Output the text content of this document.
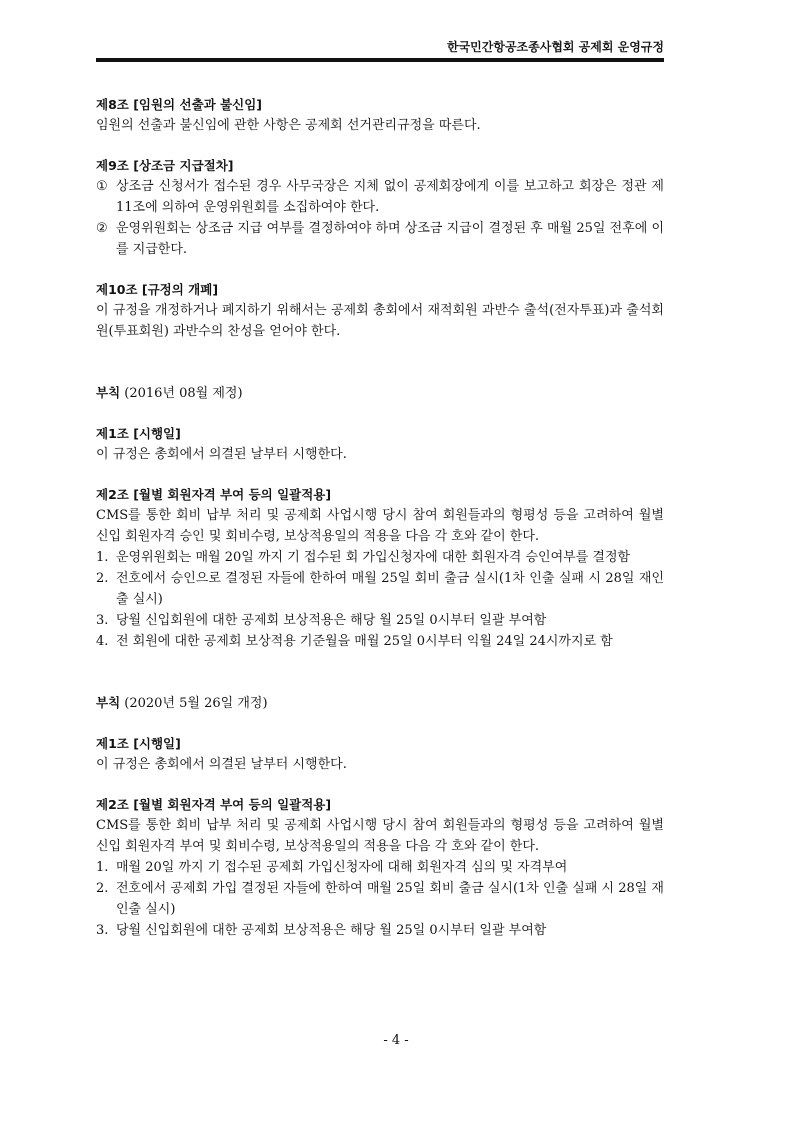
한국민간항공조종사협회 공제회 운영규정
제8조 [임원의 선출과 불신임]
임원의 선출과 불신임에 관한 사항은 공제회 선거관리규정을 따른다.
제9조 [상조금 지급절차]
① 상조금 신청서가 접수된 경우 사무국장은 지체 없이 공제회장에게 이를 보고하고 회장은 정관 제11조에 의하여 운영위원회를 소집하여야 한다.
② 운영위원회는 상조금 지급 여부를 결정하여야 하며 상조금 지급이 결정된 후 매월 25일 전후에 이를 지급한다.
제10조 [규정의 개폐]
이 규정을 개정하거나 폐지하기 위해서는 공제회 총회에서 재적회원 과반수 출석(전자투표)과 출석회원(투표회원) 과반수의 찬성을 얻어야 한다.
부칙 (2016년 08월 제정)
제1조 [시행일]
이 규정은 총회에서 의결된 날부터 시행한다.
제2조 [월별 회원자격 부여 등의 일괄적용]
CMS를 통한 회비 납부 처리 및 공제회 사업시행 당시 참여 회원들과의 형평성 등을 고려하여 월별 신입 회원자격 승인 및 회비수령, 보상적용일의 적용을 다음 각 호와 같이 한다.
1. 운영위원회는 매월 20일 까지 기 접수된 회 가입신청자에 대한 회원자격 승인여부를 결정함
2. 전호에서 승인으로 결정된 자들에 한하여 매월 25일 회비 출금 실시(1차 인출 실패 시 28일 재인출 실시)
3. 당월 신입회원에 대한 공제회 보상적용은 해당 월 25일 0시부터 일괄 부여함
4. 전 회원에 대한 공제회 보상적용 기준월을 매월 25일 0시부터 익월 24일 24시까지로 함
부칙 (2020년 5월 26일 개정)
제1조 [시행일]
이 규정은 총회에서 의결된 날부터 시행한다.
제2조 [월별 회원자격 부여 등의 일괄적용]
CMS를 통한 회비 납부 처리 및 공제회 사업시행 당시 참여 회원들과의 형평성 등을 고려하여 월별 신입 회원자격 부여 및 회비수령, 보상적용일의 적용을 다음 각 호와 같이 한다.
1. 매월 20일 까지 기 접수된 공제회 가입신청자에 대해 회원자격 심의 및 자격부여
2. 전호에서 공제회 가입 결정된 자들에 한하여 매월 25일 회비 출금 실시(1차 인출 실패 시 28일 재인출 실시)
3. 당월 신입회원에 대한 공제회 보상적용은 해당 월 25일 0시부터 일괄 부여함
- 4 -
